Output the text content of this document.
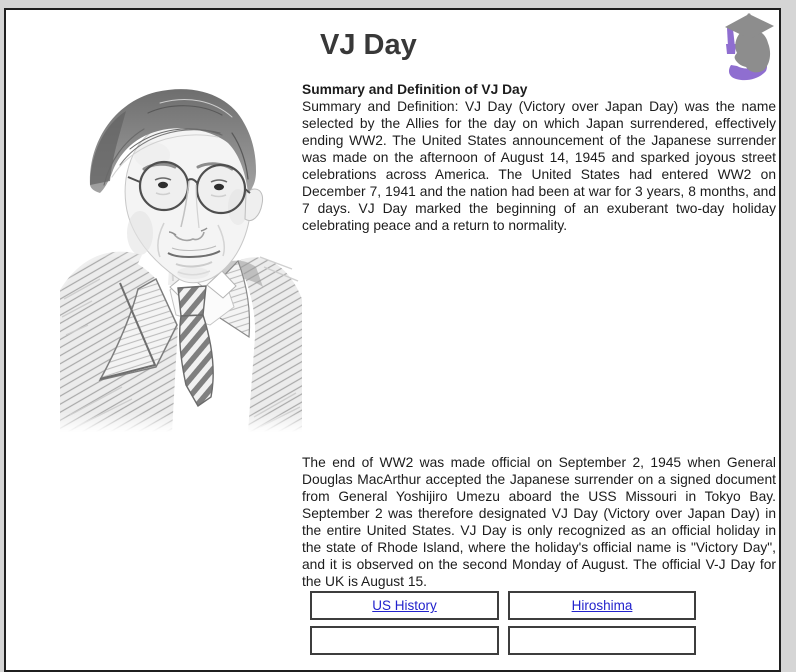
VJ Day
Summary and Definition of VJ Day

Summary and Definition: VJ Day (Victory over Japan Day) was the name selected by the Allies for the day on which Japan surrendered, effectively ending WW2. The United States announcement of the Japanese surrender was made on the afternoon of August 14, 1945 and sparked joyous street celebrations across America. The United States had entered WW2 on December 7, 1941 and the nation had been at war for 3 years, 8 months, and 7 days. VJ Day marked the beginning of an exuberant two-day holiday celebrating peace and a return to normality.

The end of WW2 was made official on September 2, 1945 when General Douglas MacArthur accepted the Japanese surrender on a signed document from General Yoshijiro Umezu aboard the USS Missouri in Tokyo Bay. September 2 was therefore designated VJ Day (Victory over Japan Day) in the entire United States. VJ Day is only recognized as an official holiday in the state of Rhode Island, where the holiday's official name is "Victory Day", and it is observed on the second Monday of August. The official V-J Day for the UK is August 15.

US History	Hiroshima
